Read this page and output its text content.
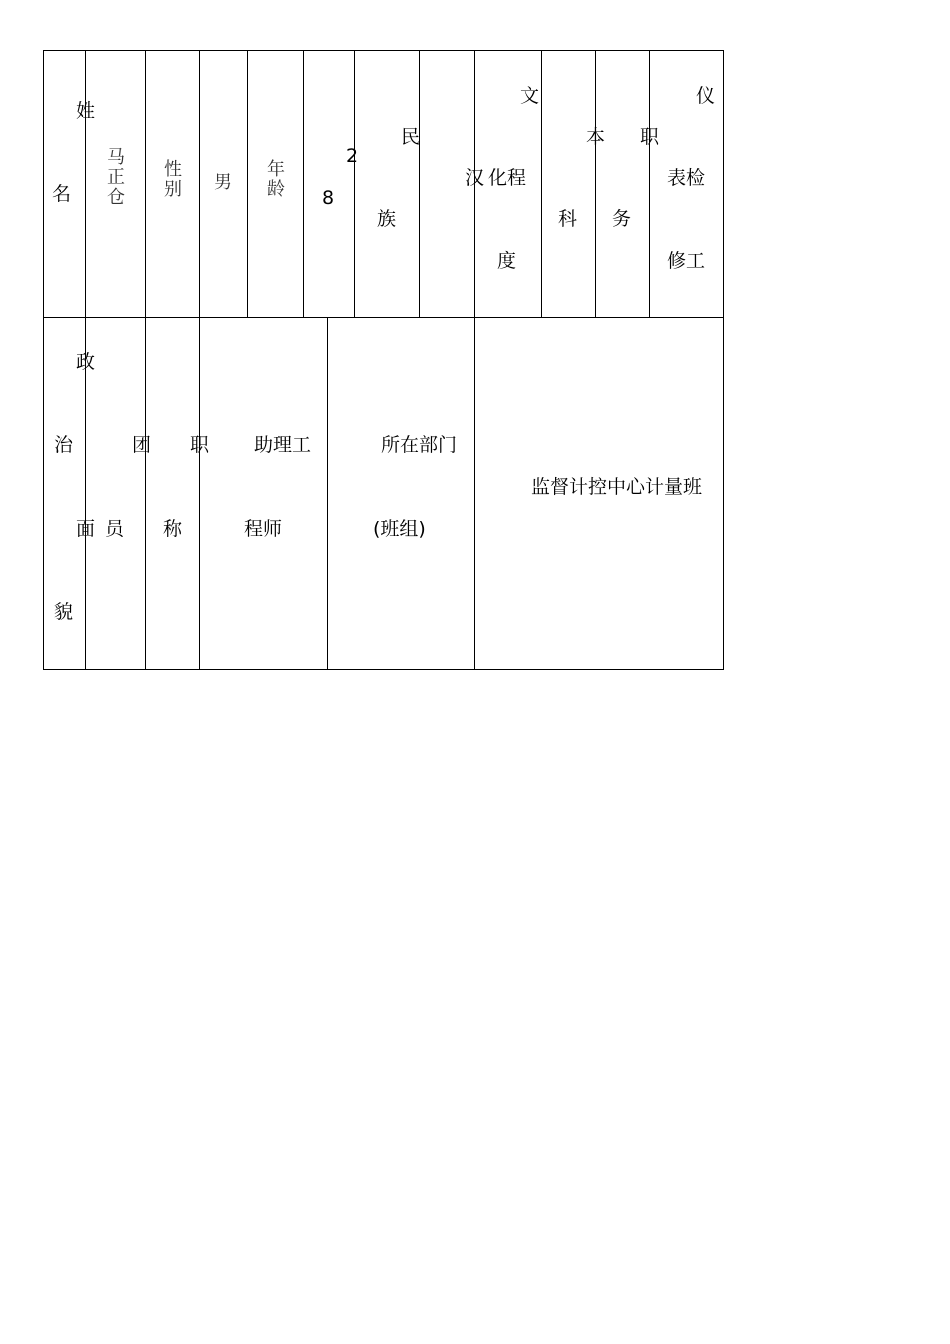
姓
名
马
正
仓
性
别 男
年
龄
2
8
民
族
汉
文
化程
度
本
科
职
务
仪
表检
修工
政
治
面
貌
团
员
职
称
助理工
程师
所在部门
(班组)
监督计控中心计量班
